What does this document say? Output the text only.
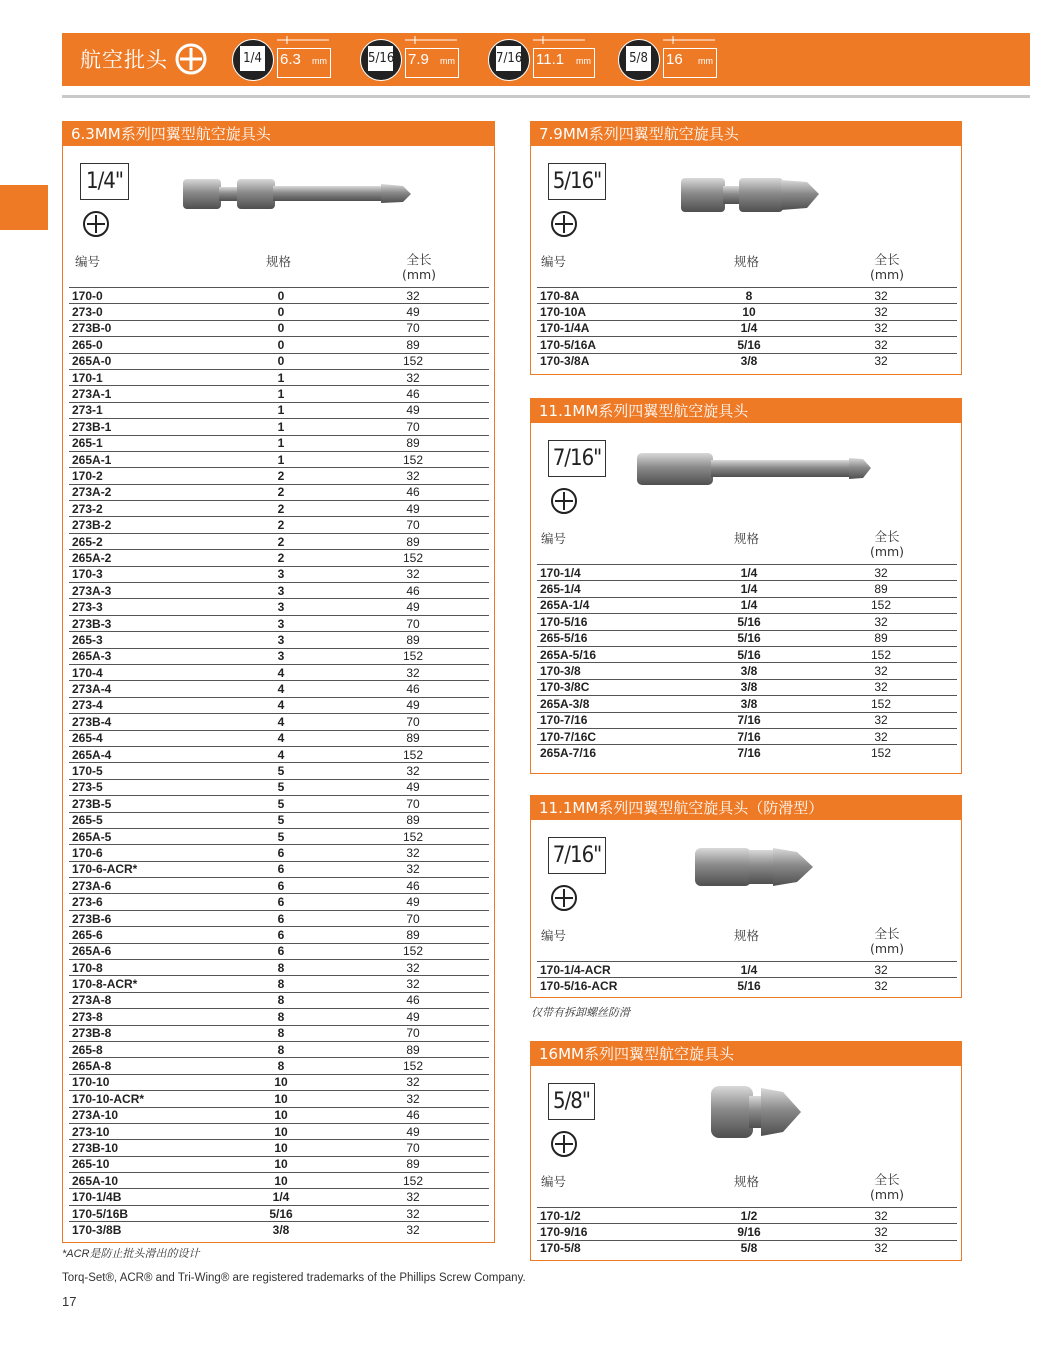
航空批头	1/4 6.3 mm	5/16 7.9 mm	7/16 11.1 mm	5/8 16 mm
6.3MM系列四翼型航空旋具头
1/4"
编号	规格	全长
(mm)
170-0	0	32
273-0	0	49
273B-0	0	70
265-0	0	89
265A-0	0	152
170-1	1	32
273A-1	1	46
273-1	1	49
273B-1	1	70
265-1	1	89
265A-1	1	152
170-2	2	32
273A-2	2	46
273-2	2	49
273B-2	2	70
265-2	2	89
265A-2	2	152
170-3	3	32
273A-3	3	46
273-3	3	49
273B-3	3	70
265-3	3	89
265A-3	3	152
170-4	4	32
273A-4	4	46
273-4	4	49
273B-4	4	70
265-4	4	89
265A-4	4	152
170-5	5	32
273-5	5	49
273B-5	5	70
265-5	5	89
265A-5	5	152
170-6	6	32
170-6-ACR*	6	32
273A-6	6	46
273-6	6	49
273B-6	6	70
265-6	6	89
265A-6	6	152
170-8	8	32
170-8-ACR*	8	32
273A-8	8	46
273-8	8	49
273B-8	8	70
265-8	8	89
265A-8	8	152
170-10	10	32
170-10-ACR*	10	32
273A-10	10	46
273-10	10	49
273B-10	10	70
265-10	10	89
265A-10	10	152
170-1/4B	1/4	32
170-5/16B	5/16	32
170-3/8B	3/8	32
*ACR是防止批头滑出的设计
7.9MM系列四翼型航空旋具头
5/16"
编号	规格	全长
(mm)
170-8A	8	32
170-10A	10	32
170-1/4A	1/4	32
170-5/16A	5/16	32
170-3/8A	3/8	32
11.1MM系列四翼型航空旋具头
7/16"
编号	规格	全长
(mm)
170-1/4	1/4	32
265-1/4	1/4	89
265A-1/4	1/4	152
170-5/16	5/16	32
265-5/16	5/16	89
265A-5/16	5/16	152
170-3/8	3/8	32
170-3/8C	3/8	32
265A-3/8	3/8	152
170-7/16	7/16	32
170-7/16C	7/16	32
265A-7/16	7/16	152
11.1MM系列四翼型航空旋具头（防滑型）
7/16"
编号	规格	全长
(mm)
170-1/4-ACR	1/4	32
170-5/16-ACR	5/16	32
仅带有拆卸螺丝防滑
16MM系列四翼型航空旋具头
5/8"
编号	规格	全长
(mm)
170-1/2	1/2	32
170-9/16	9/16	32
170-5/8	5/8	32
Torq-Set®, ACR® and Tri-Wing® are registered trademarks of the Phillips Screw Company.
17
